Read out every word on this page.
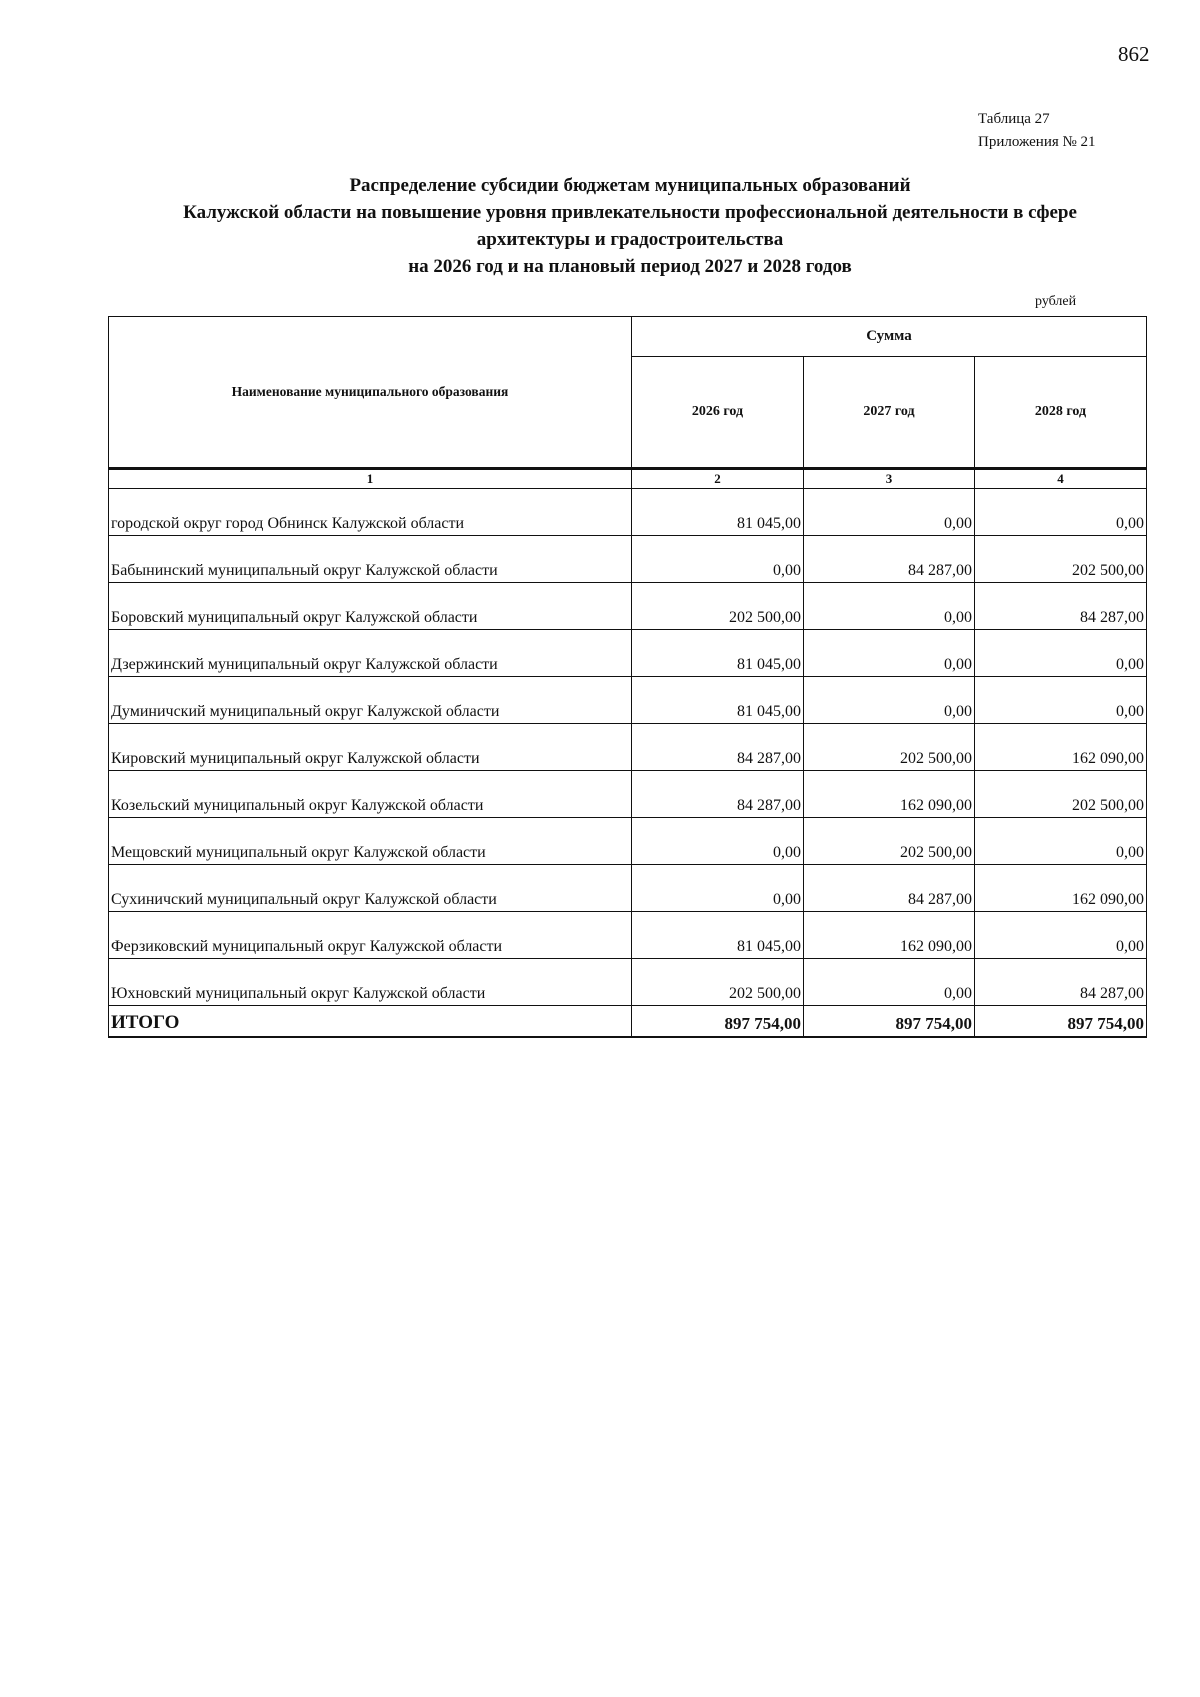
862
Таблица 27
Приложения № 21
Распределение субсидии бюджетам муниципальных образований
Калужской области на повышение уровня привлекательности профессиональной деятельности в сфере
архитектуры и градостроительства
на 2026 год и на плановый период 2027 и 2028 годов
рублей
Наименование муниципального образования	Сумма		
	2026 год	2027 год	2028 год
1	2	3	4
городской округ город Обнинск Калужской области	81 045,00	0,00	0,00
Бабынинский муниципальный округ Калужской области	0,00	84 287,00	202 500,00
Боровский муниципальный округ Калужской области	202 500,00	0,00	84 287,00
Дзержинский муниципальный округ Калужской области	81 045,00	0,00	0,00
Думиничский муниципальный округ Калужской области	81 045,00	0,00	0,00
Кировский муниципальный округ Калужской области	84 287,00	202 500,00	162 090,00
Козельский муниципальный округ Калужской области	84 287,00	162 090,00	202 500,00
Мещовский муниципальный округ Калужской области	0,00	202 500,00	0,00
Сухиничский муниципальный округ Калужской области	0,00	84 287,00	162 090,00
Ферзиковский муниципальный округ Калужской области	81 045,00	162 090,00	0,00
Юхновский муниципальный округ Калужской области	202 500,00	0,00	84 287,00
ИТОГО	897 754,00	897 754,00	897 754,00
